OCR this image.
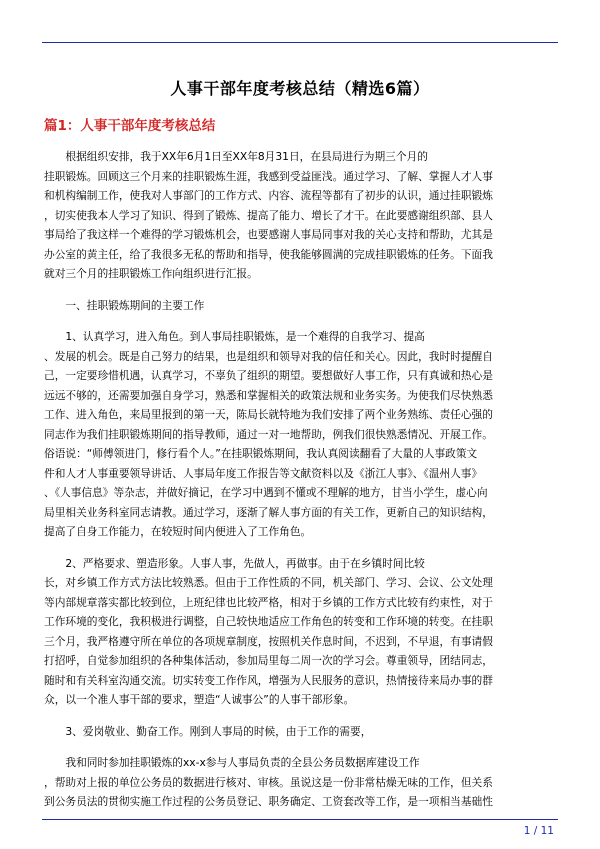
人事干部年度考核总结（精选6篇）
篇1：人事干部年度考核总结
　　根据组织安排，我于XX年6月1日至XX年8月31日，在县局进行为期三个月的
挂职锻炼。回顾这三个月来的挂职锻炼生涯，我感到受益匪浅。通过学习、了解、掌握人才人事
和机构编制工作，使我对人事部门的工作方式、内容、流程等都有了初步的认识，通过挂职锻炼
，切实使我本人学习了知识、得到了锻炼、提高了能力、增长了才干。在此要感谢组织部、县人
事局给了我这样一个难得的学习锻炼机会，也要感谢人事局同事对我的关心支持和帮助，尤其是
办公室的黄主任，给了我很多无私的帮助和指导，使我能够圆满的完成挂职锻炼的任务。下面我
就对三个月的挂职锻炼工作向组织进行汇报。
　　一、挂职锻炼期间的主要工作
　　1、认真学习，进入角色。到人事局挂职锻炼，是一个难得的自我学习、提高
、发展的机会。既是自己努力的结果，也是组织和领导对我的信任和关心。因此，我时时提醒自
己，一定要珍惜机遇，认真学习，不辜负了组织的期望。要想做好人事工作，只有真诚和热心是
远远不够的，还需要加强自身学习，熟悉和掌握相关的政策法规和业务实务。为使我们尽快熟悉
工作、进入角色，来局里报到的第一天，陈局长就特地为我们安排了两个业务熟练、责任心强的
同志作为我们挂职锻炼期间的指导教师，通过一对一地帮助，例我们很快熟悉情况、开展工作。
俗语说：“师傅领进门，修行看个人。”在挂职锻炼期间，我认真阅读翻看了大量的人事政策文
件和人才人事重要领导讲话、人事局年度工作报告等文献资料以及《浙江人事》、《温州人事》
、《人事信息》等杂志，并做好摘记，在学习中遇到不懂或不理解的地方，甘当小学生，虚心向
局里相关业务科室同志请教。通过学习，逐渐了解人事方面的有关工作，更新自己的知识结构，
提高了自身工作能力，在较短时间内便进入了工作角色。
　　2、严格要求、塑造形象。人事人事，先做人，再做事。由于在乡镇时间比较
长，对乡镇工作方式方法比较熟悉。但由于工作性质的不同，机关部门、学习、会议、公文处理
等内部规章落实都比较到位，上班纪律也比较严格，相对于乡镇的工作方式比较有约束性，对于
工作环境的变化，我积极进行调整，自己较快地适应工作角色的转变和工作环境的转变。在挂职
三个月，我严格遵守所在单位的各项规章制度，按照机关作息时间，不迟到，不早退，有事请假
打招呼，自觉参加组织的各种集体活动，参加局里每二周一次的学习会。尊重领导，团结同志，
随时和有关科室沟通交流。切实转变工作作风，增强为人民服务的意识，热情接待来局办事的群
众，以一个准人事干部的要求，塑造“人诚事公”的人事干部形象。
　　3、爱岗敬业、勤奋工作。刚到人事局的时候，由于工作的需要，
　　我和同时参加挂职锻炼的xx-x参与人事局负责的全县公务员数据库建设工作
，帮助对上报的单位公务员的数据进行核对、审核。虽说这是一份非常枯燥无味的工作，但关系
到公务员法的贯彻实施工作过程的公务员登记、职务确定、工资套改等工作，是一项相当基础性
1 / 11
